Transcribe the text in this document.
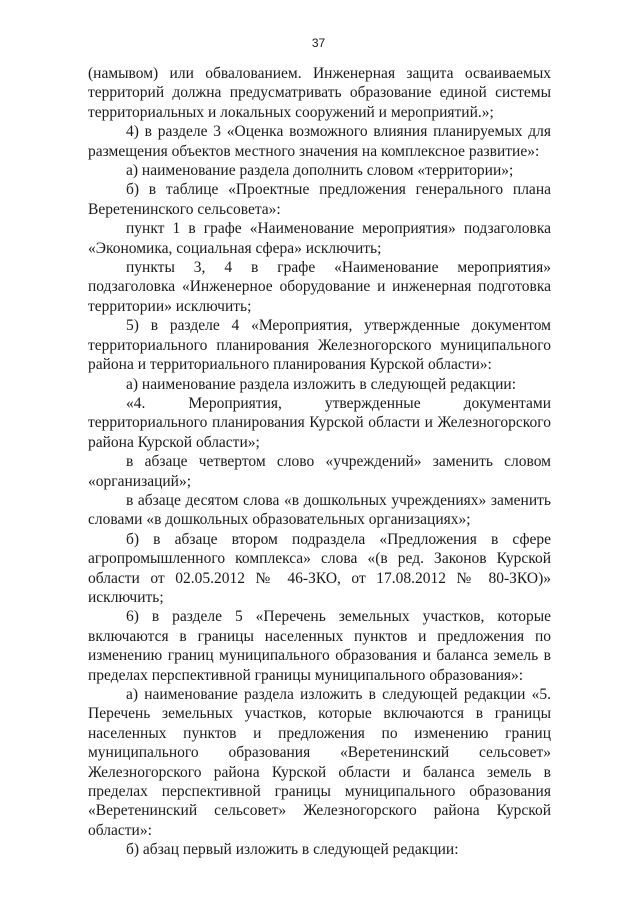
37

(намывом) или обвалованием. Инженерная защита осваиваемых территорий должна предусматривать образование единой системы территориальных и локальных сооружений и мероприятий.»;

4) в разделе 3 «Оценка возможного влияния планируемых для размещения объектов местного значения на комплексное развитие»:

а) наименование раздела дополнить словом «территории»;

б) в таблице «Проектные предложения генерального плана Веретенинского сельсовета»:

пункт 1 в графе «Наименование мероприятия» подзаголовка «Экономика, социальная сфера» исключить;

пункты 3, 4 в графе «Наименование мероприятия» подзаголовка «Инженерное оборудование и инженерная подготовка территории» исключить;

5) в разделе 4 «Мероприятия, утвержденные документом территориального планирования Железногорского муниципального района и территориального планирования Курской области»:

а) наименование раздела изложить в следующей редакции:

«4. Мероприятия, утвержденные документами территориального планирования Курской области и Железногорского района Курской области»;

в абзаце четвертом слово «учреждений» заменить словом «организаций»;

в абзаце десятом слова «в дошкольных учреждениях» заменить словами «в дошкольных образовательных организациях»;

б) в абзаце втором подраздела «Предложения в сфере агропромышленного комплекса» слова «(в ред. Законов Курской области от 02.05.2012 № 46-ЗКО, от 17.08.2012 № 80-ЗКО)» исключить;

6) в разделе 5 «Перечень земельных участков, которые включаются в границы населенных пунктов и предложения по изменению границ муниципального образования и баланса земель в пределах перспективной границы муниципального образования»:

а) наименование раздела изложить в следующей редакции «5. Перечень земельных участков, которые включаются в границы населенных пунктов и предложения по изменению границ муниципального образования «Веретенинский сельсовет» Железногорского района Курской области и баланса земель в пределах перспективной границы муниципального образования «Веретенинский сельсовет» Железногорского района Курской области»:

б) абзац первый изложить в следующей редакции:
